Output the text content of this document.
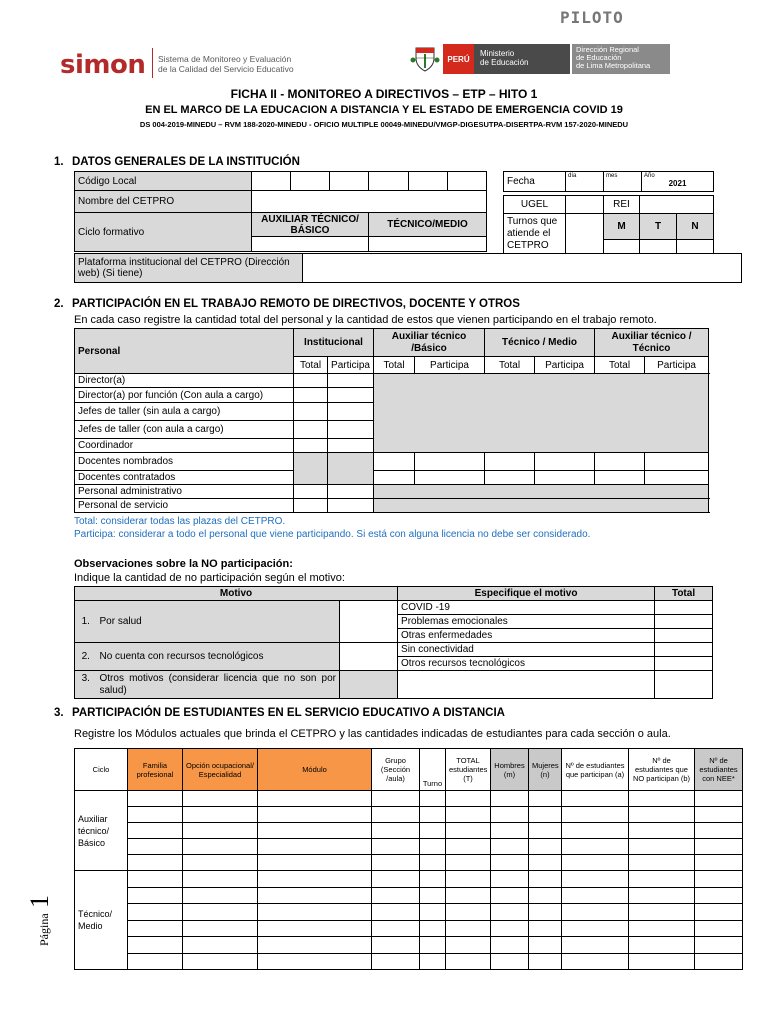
PILOTO
simon Sistema de Monitoreo y Evaluación
de la Calidad del Servicio Educativo
PERÚ
Ministerio
de Educación
Dirección Regional
de Educación
de Lima Metropolitana
FICHA II - MONITOREO A DIRECTIVOS – ETP – HITO 1
EN EL MARCO DE LA EDUCACION A DISTANCIA Y EL ESTADO DE EMERGENCIA COVID 19
DS 004-2019-MINEDU – RVM 188-2020-MINEDU - OFICIO MULTIPLE 00049-MINEDU/VMGP-DIGESUTPA-DISERTPA-RVM 157-2020-MINEDU
1. DATOS GENERALES DE LA INSTITUCIÓN
Código Local						
Nombre del CETPRO						
Ciclo formativo	AUXILIAR TÉCNICO/ BÁSICO			TÉCNICO/MEDIO		

Plataforma institucional del CETPRO (Dirección web) (Si tiene)	
Fecha	día	mes	Año
2021
UGEL		REI		
Turnos que atiende el CETPRO		M	T	N

2. PARTICIPACIÓN EN EL TRABAJO REMOTO DE DIRECTIVOS, DOCENTE Y OTROS
En cada caso registre la cantidad total del personal y la cantidad de estos que vienen participando en el trabajo remoto.
Personal	Institucional		Auxiliar técnico /Básico		Técnico / Medio		Auxiliar técnico / Técnico		
	Total	Participa	Total	Participa	Total	Participa	Total	Participa	
Director(a)									
Director(a) por función (Con aula a cargo)									
Jefes de taller (sin aula a cargo)									
Jefes de taller (con aula a cargo)									
Coordinador									
Docentes nombrados										
Docentes contratados									
Personal administrativo									
Personal de servicio									
Total: considerar todas las plazas del CETPRO.
Participa: considerar a todo el personal que viene participando. Si está con alguna licencia no debe ser considerado.
Observaciones sobre la NO participación:
Indique la cantidad de no participación según el motivo:
Motivo			Especifique el motivo	Total
1.	Por salud		COVID -19	
			Problemas emocionales	
			Otras enfermedades	
2.	No cuenta con recursos tecnológicos		Sin conectividad	
			Otros recursos tecnológicos	
3.	Otros motivos (considerar licencia que no son por salud)			
3. PARTICIPACIÓN DE ESTUDIANTES EN EL SERVICIO EDUCATIVO A DISTANCIA
Registre los Módulos actuales que brinda el CETPRO y las cantidades indicadas de estudiantes para cada sección o aula.
Ciclo	Familia profesional	Opción ocupacional/ Especialidad	Módulo	Grupo (Sección /aula)	Turno	TOTAL estudiantes (T)	Hombres (m)	Mujeres (n)	Nº de estudiantes que participan (a)	Nº de estudiantes que NO participan (b)	Nº de estudiantes con NEE*
Auxiliar técnico/ Básico											

Técnico/ Medio											

Página
1
